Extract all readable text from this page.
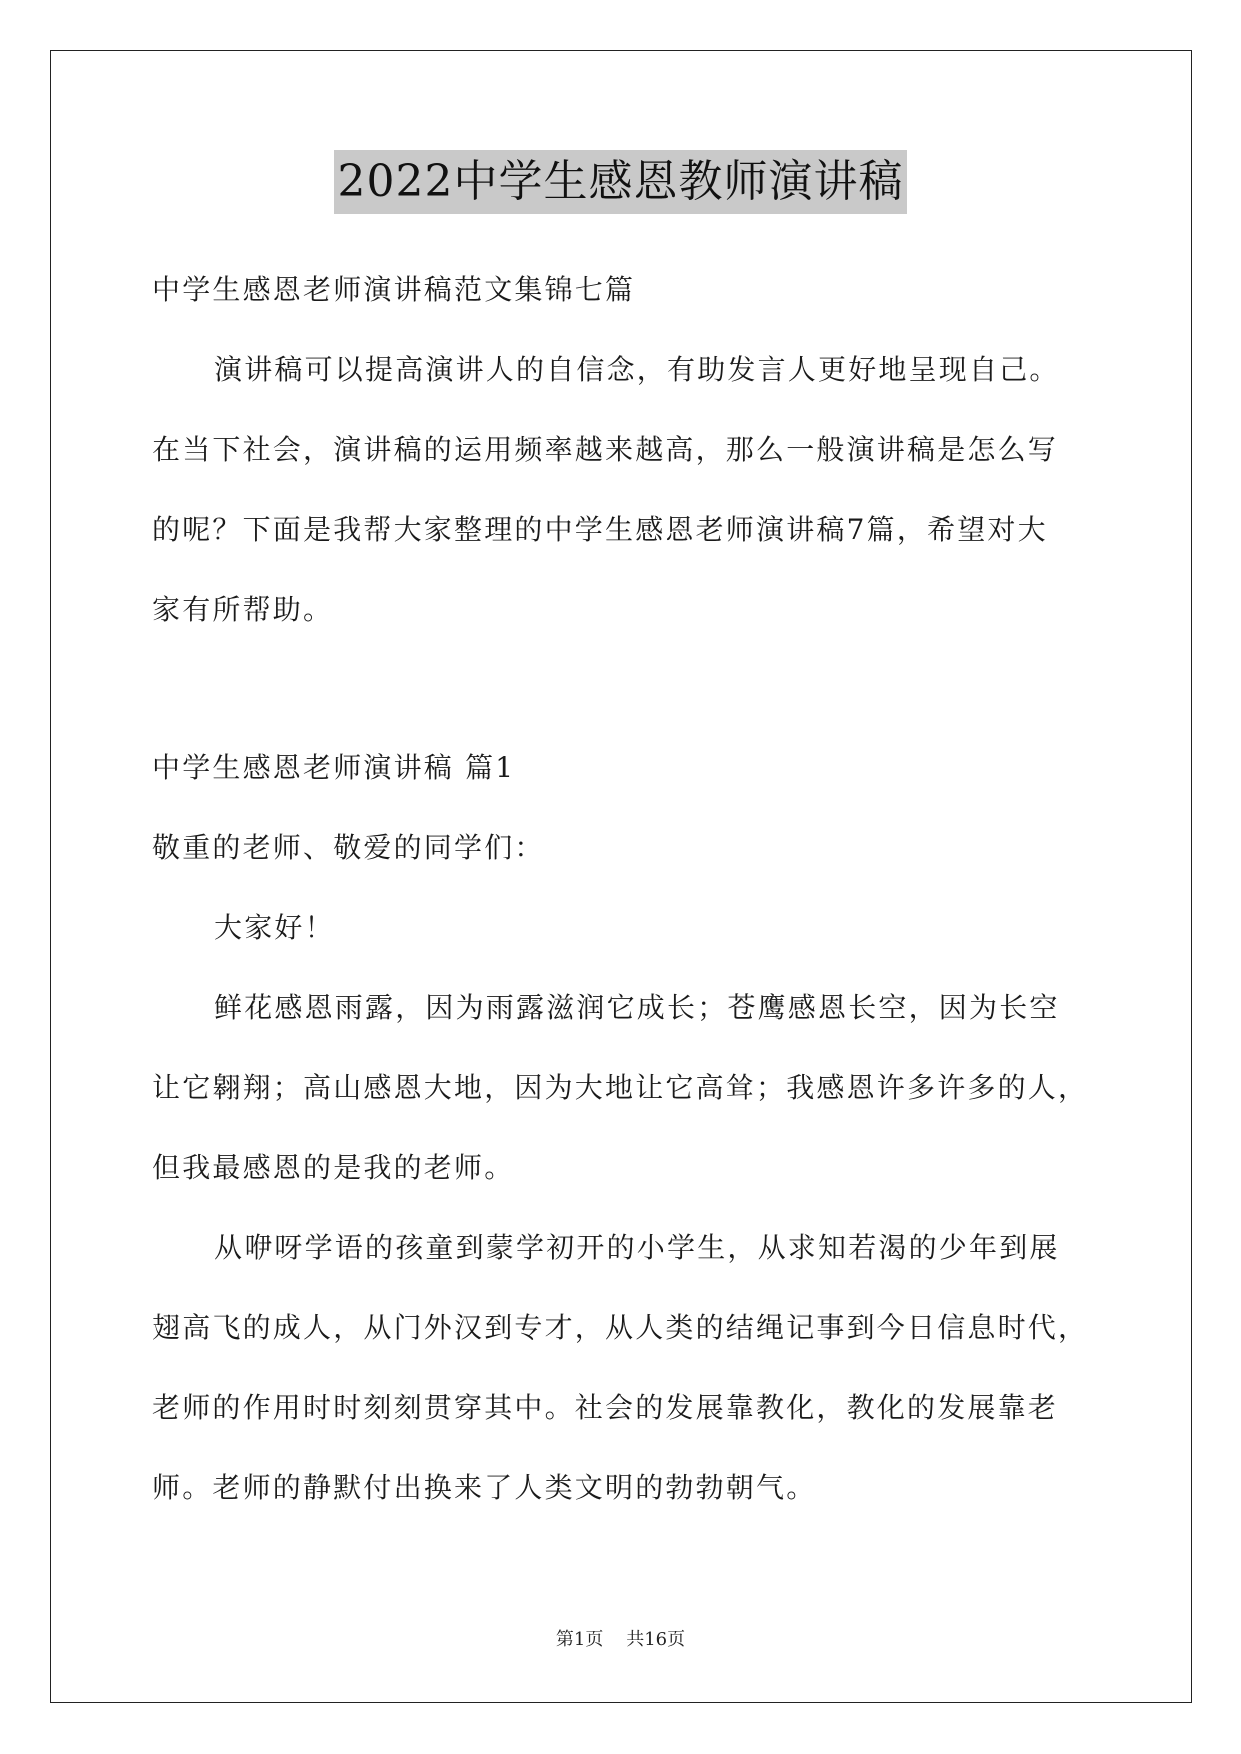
2022中学生感恩教师演讲稿
中学生感恩老师演讲稿范文集锦七篇
演讲稿可以提高演讲人的自信念，有助发言人更好地呈现自己。
在当下社会，演讲稿的运用频率越来越高，那么一般演讲稿是怎么写
的呢？下面是我帮大家整理的中学生感恩老师演讲稿7篇，希望对大
家有所帮助。
中学生感恩老师演讲稿 篇1
敬重的老师、敬爱的同学们：
大家好！
鲜花感恩雨露，因为雨露滋润它成长；苍鹰感恩长空，因为长空
让它翱翔；高山感恩大地，因为大地让它高耸；我感恩许多许多的人，
但我最感恩的是我的老师。
从咿呀学语的孩童到蒙学初开的小学生，从求知若渴的少年到展
翅高飞的成人，从门外汉到专才，从人类的结绳记事到今日信息时代，
老师的作用时时刻刻贯穿其中。社会的发展靠教化，教化的发展靠老
师。老师的静默付出换来了人类文明的勃勃朝气。
第1页 共16页
